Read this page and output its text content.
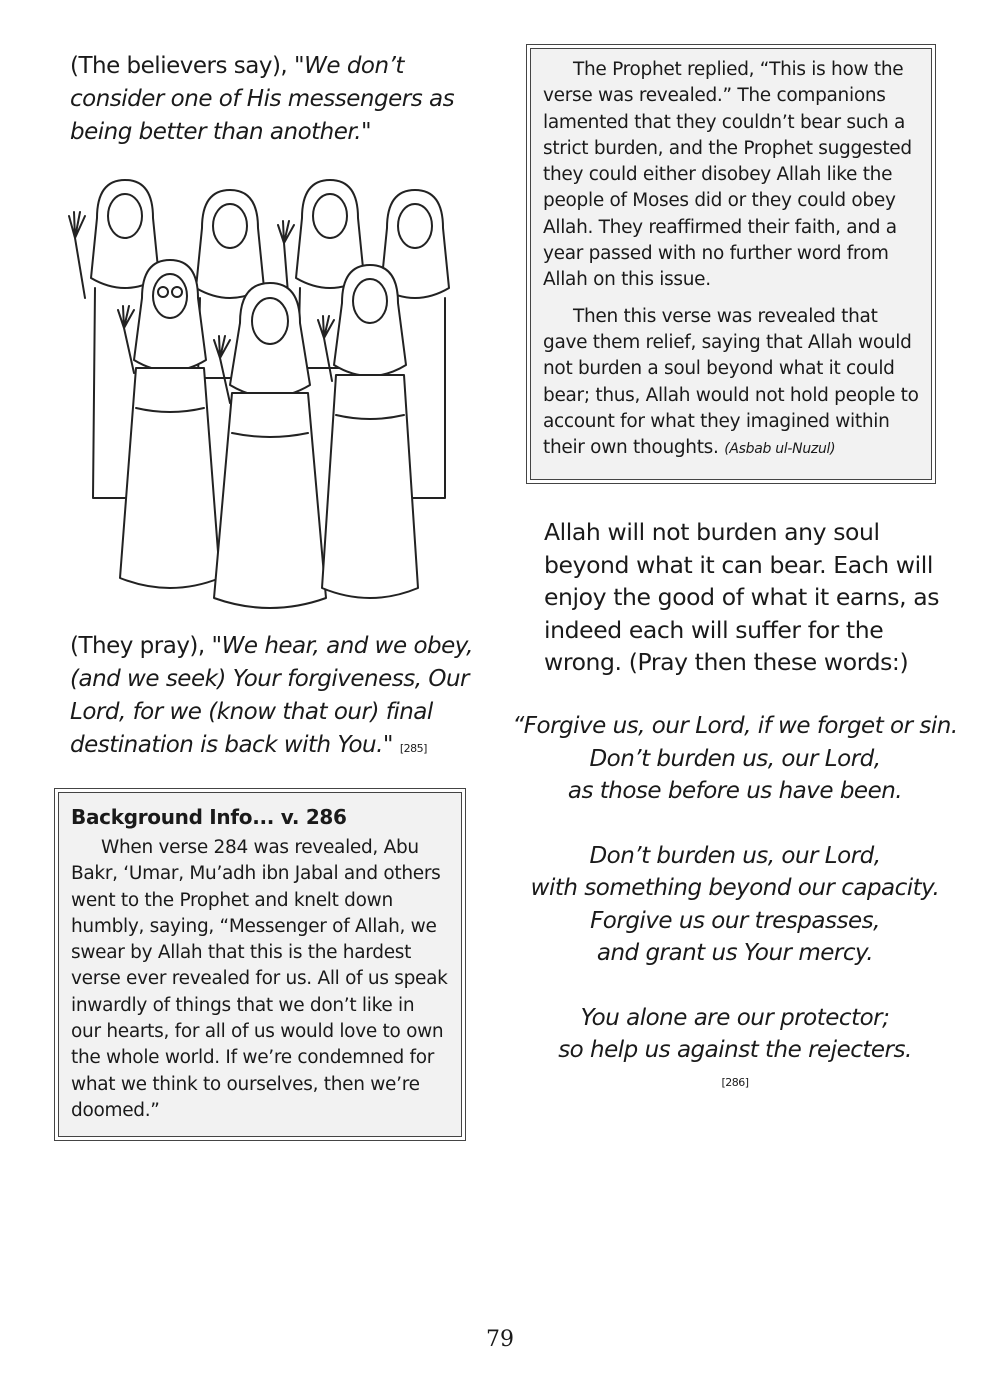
(The believers say), "We don’t consider one of His messengers as being better than another."

(They pray), "We hear, and we obey, (and we seek) Your forgiveness, Our Lord, for we (know that our) final destination is back with You." [285]

The Prophet replied, “This is how the verse was revealed.” The companions lamented that they couldn’t bear such a strict burden, and the Prophet suggested they could either disobey Allah like the people of Moses did or they could obey Allah. They reaffirmed their faith, and a year passed with no further word from Allah on this issue.

Then this verse was revealed that gave them relief, saying that Allah would not burden a soul beyond what it could bear; thus, Allah would not hold people to account for what they imagined within their own thoughts. (Asbab ul-Nuzul)

Background Info... v. 286

When verse 284 was revealed, Abu Bakr, ‘Umar, Mu’adh ibn Jabal and others went to the Prophet and knelt down humbly, saying, “Messenger of Allah, we swear by Allah that this is the hardest verse ever revealed for us. All of us speak inwardly of things that we don’t like in our hearts, for all of us would love to own the whole world. If we’re condemned for what we think to ourselves, then we’re doomed.”

Allah will not burden any soul beyond what it can bear. Each will enjoy the good of what it earns, as indeed each will suffer for the wrong. (Pray then these words:)

“Forgive us, our Lord, if we forget or sin.
Don’t burden us, our Lord,
as those before us have been.
Don’t burden us, our Lord,
with something beyond our capacity.
Forgive us our trespasses,
and grant us Your mercy.
You alone are our protector;
so help us against the rejecters.
[286]
79
